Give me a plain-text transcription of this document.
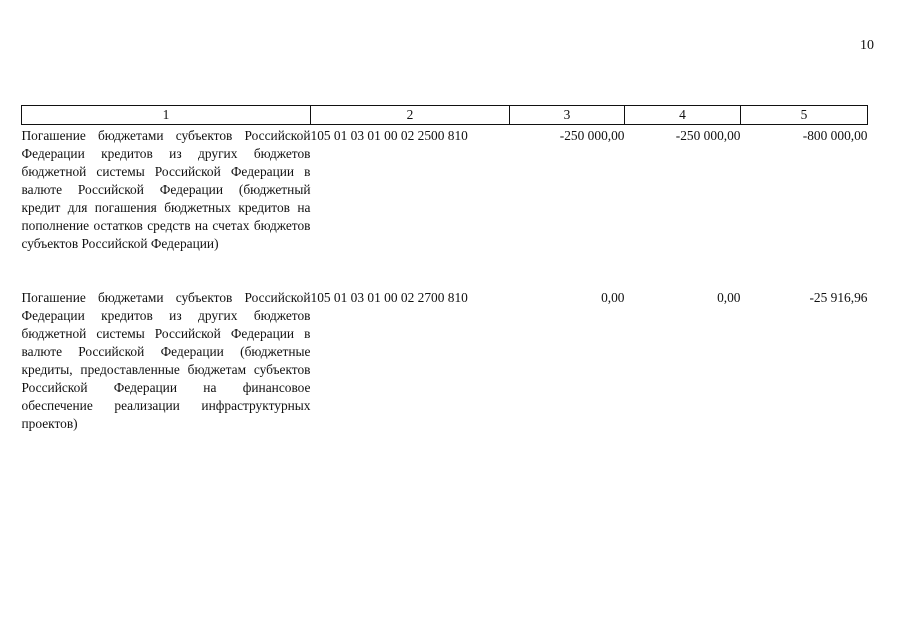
10
1	2	3	4	5
Погашение бюджетами субъектов Российской Федерации кредитов из других бюджетов бюджетной системы Российской Федерации в валюте Российской Федерации (бюджетный кредит для погашения бюджетных кредитов на пополнение остатков средств на счетах бюджетов субъектов Российской Федерации)	105 01 03 01 00 02 2500 810	-250 000,00	-250 000,00	-800 000,00
Погашение бюджетами субъектов Российской Федерации кредитов из других бюджетов бюджетной системы Российской Федерации в валюте Российской Федерации (бюджетные кредиты, предоставленные бюджетам субъектов Российской Федерации на финансовое обеспечение реализации инфраструктурных проектов)	105 01 03 01 00 02 2700 810	0,00	0,00	-25 916,96
